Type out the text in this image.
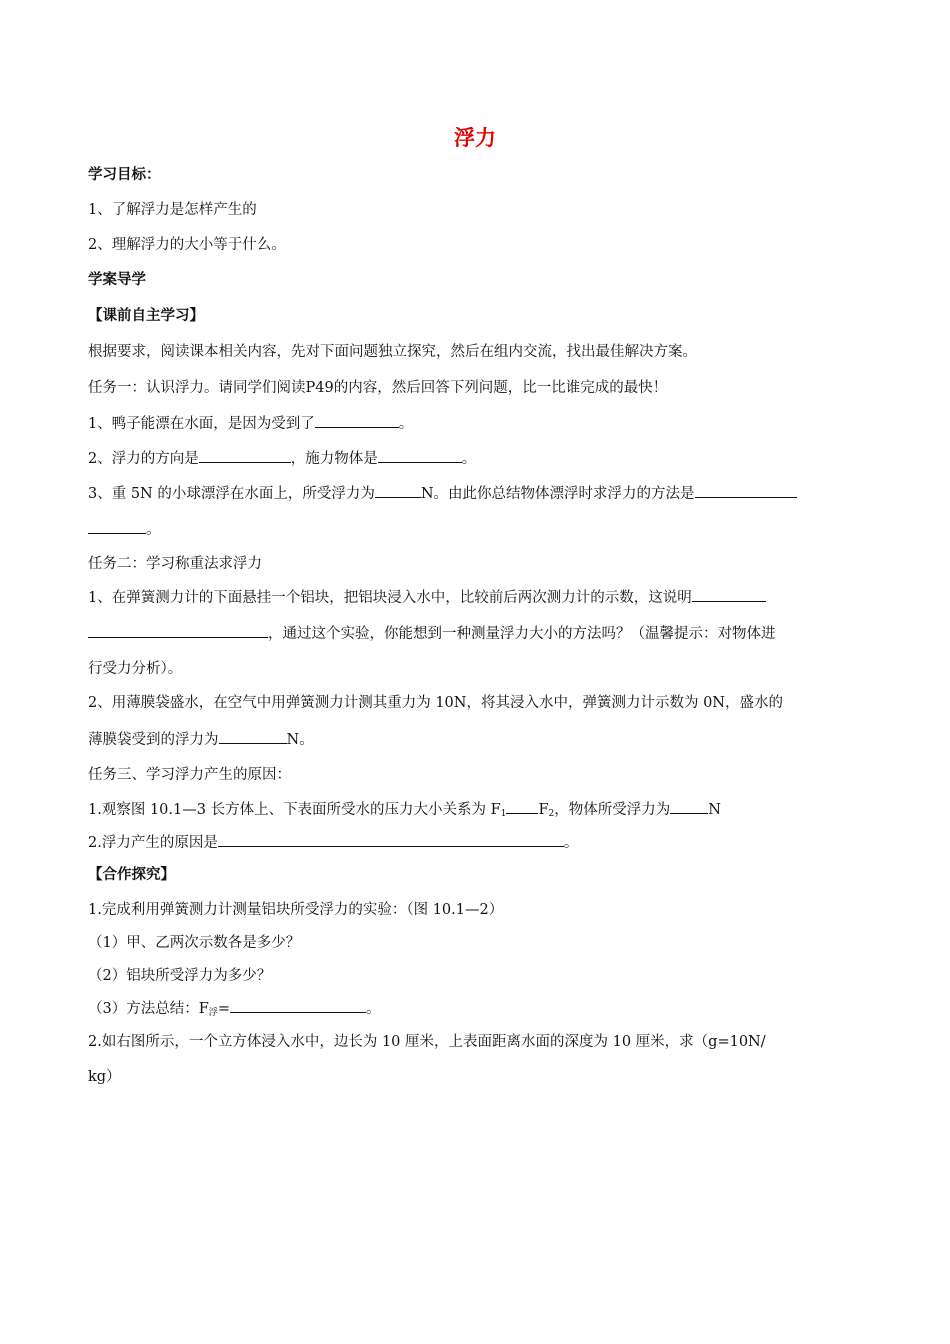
浮力
学习目标：
1、了解浮力是怎样产生的
2、理解浮力的大小等于什么。
学案导学
【课前自主学习】
根据要求，阅读课本相关内容，先对下面问题独立探究，然后在组内交流，找出最佳解决方案。
任务一：认识浮力。请同学们阅读P49的内容，然后回答下列问题，比一比谁完成的最快！
1、鸭子能漂在水面，是因为受到了	。
2、浮力的方向是	，施力物体是	。
3、重 5N 的小球漂浮在水面上，所受浮力为	N。由此你总结物体漂浮时求浮力的方法是
。
任务二：学习称重法求浮力
1、在弹簧测力计的下面悬挂一个铝块，把铝块浸入水中，比较前后两次测力计的示数，这说明
，通过这个实验，你能想到一种测量浮力大小的方法吗？（温馨提示：对物体进
行受力分析）。
2、用薄膜袋盛水，在空气中用弹簧测力计测其重力为 10N，将其浸入水中，弹簧测力计示数为 0N，盛水的
薄膜袋受到的浮力为	N。
任务三、学习浮力产生的原因：
1.观察图 10.1—3 长方体上、下表面所受水的压力大小关系为 $F_1$ $F_2$，物体所受浮力为	N
2.浮力产生的原因是	。
【合作探究】
1.完成利用弹簧测力计测量铝块所受浮力的实验：（图 10.1—2）
（1）甲、乙两次示数各是多少？
（2）铝块所受浮力为多少？
（3）方法总结：$F_浮=$	。
2.如右图所示，一个立方体浸入水中，边长为 10 厘米，上表面距离水面的深度为 10 厘米，求（g=10N/
kg）
